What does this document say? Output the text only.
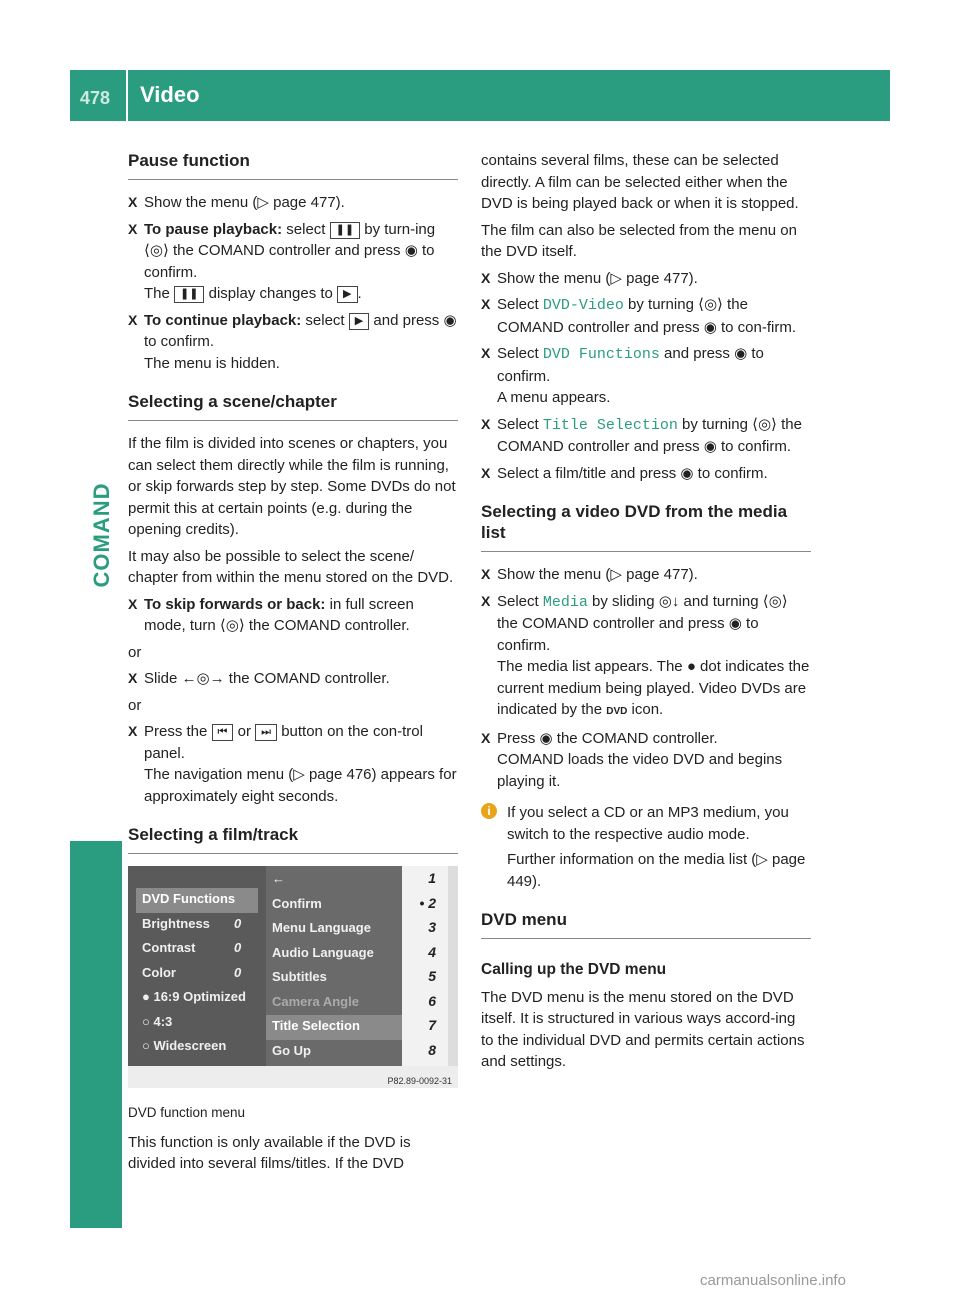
478 Video
COMAND
Pause function
X Show the menu (▷ page 477).
X To pause playback: select ❚❚ by turn-ing ⟨◎⟩ the COMAND controller and press ◉ to confirm.
The ❚❚ display changes to ▶ .
X To continue playback: select ▶ and press ◉ to confirm.
The menu is hidden.
Selecting a scene/chapter

If the film is divided into scenes or chapters, you can select them directly while the film is running, or skip forwards step by step. Some DVDs do not permit this at certain points (e.g. during the opening credits).

It may also be possible to select the scene/ chapter from within the menu stored on the DVD.

X To skip forwards or back: in full screen mode, turn ⟨◎⟩ the COMAND controller.

or

X Slide ←◎→ the COMAND controller.

or

X Press the ⏮ or ⏭ button on the con-trol panel.
The navigation menu (▷ page 476) appears for approximately eight seconds.
Selecting a film/track
DVD Functions
Brightness 0
Contrast	0
Color	0
● 16:9 Optimized
○ 4:3
○ Widescreen
←
Confirm
Menu Language
Audio Language
Subtitles
Camera Angle
Title Selection
Go Up
1
• 2
3
4
5
6
7
8
P82.89-0092-31
DVD function menu

This function is only available if the DVD is divided into several films/titles. If the DVD

contains several films, these can be selected directly. A film can be selected either when the DVD is being played back or when it is stopped.

The film can also be selected from the menu on the DVD itself.

X Show the menu (▷ page 477).
X Select DVD-Video by turning ⟨◎⟩ the COMAND controller and press ◉ to con-firm.
X Select DVD Functions and press ◉ to confirm.
A menu appears.
X Select Title Selection by turning ⟨◎⟩ the COMAND controller and press ◉ to confirm.
X Select a film/title and press ◉ to confirm.
Selecting a video DVD from the media list
X Show the menu (▷ page 477).
X Select Media by sliding ◎↓ and turning ⟨◎⟩ the COMAND controller and press ◉ to confirm.
The media list appears. The ● dot indicates the current medium being played. Video DVDs are indicated by the DVD icon.
X Press ◉ the COMAND controller.
COMAND loads the video DVD and begins playing it.
i	If you select a CD or an MP3 medium, you switch to the respective audio mode.
Further information on the media list (▷ page 449).
DVD menu
Calling up the DVD menu

The DVD menu is the menu stored on the DVD itself. It is structured in various ways accord-ing to the individual DVD and permits certain actions and settings.

carmanualsonline.info
